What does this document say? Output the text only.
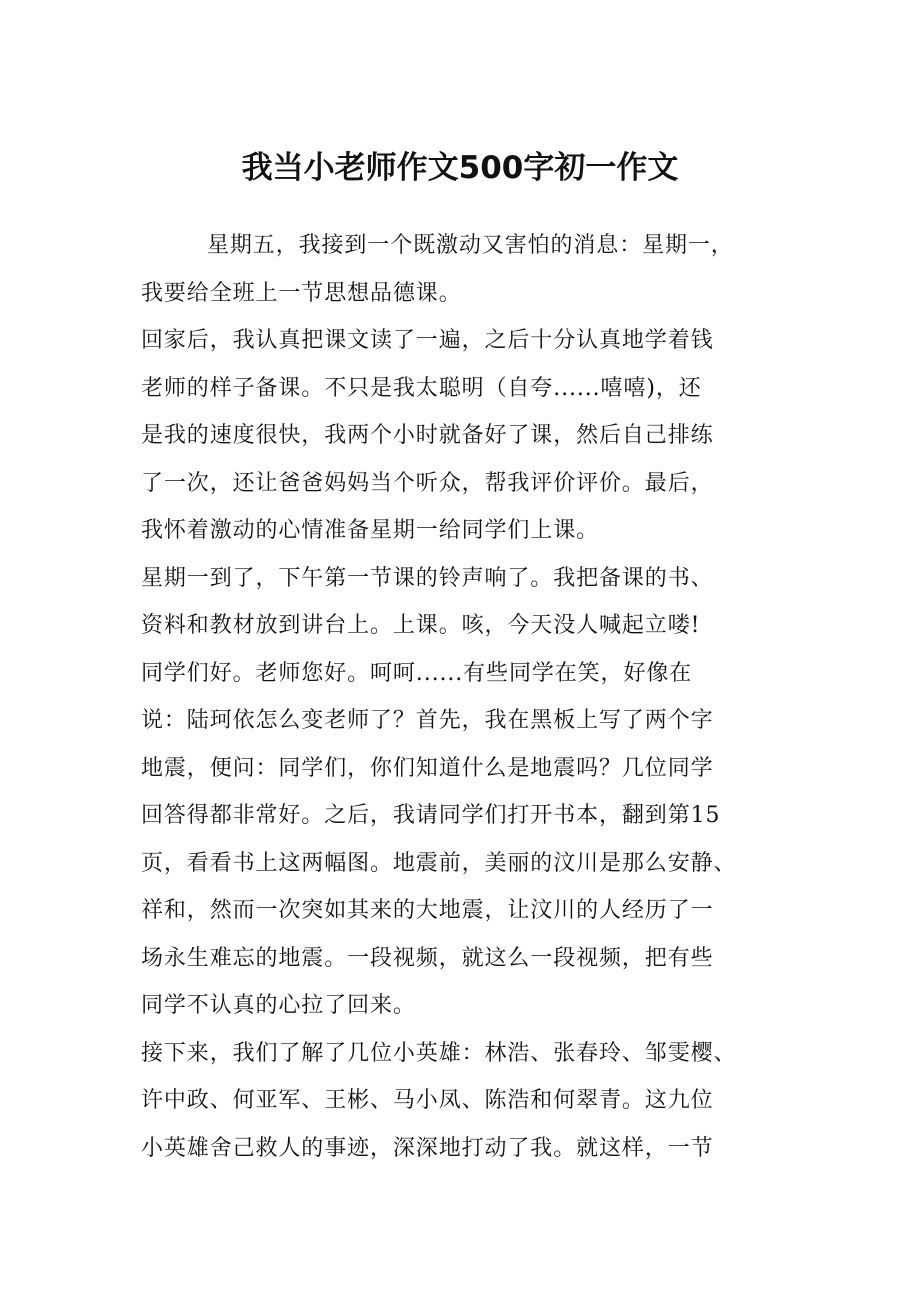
我当小老师作文500字初一作文
星期五，我接到一个既激动又害怕的消息：星期一，
我要给全班上一节思想品德课。
回家后，我认真把课文读了一遍，之后十分认真地学着钱
老师的样子备课。不只是我太聪明（自夸......嘻嘻)，还
是我的速度很快，我两个小时就备好了课，然后自己排练
了一次，还让爸爸妈妈当个听众，帮我评价评价。最后，
我怀着激动的心情准备星期一给同学们上课。
星期一到了，下午第一节课的铃声响了。我把备课的书、
资料和教材放到讲台上。上课。咳，今天没人喊起立喽!
同学们好。老师您好。呵呵......有些同学在笑，好像在
说：陆珂依怎么变老师了？首先，我在黑板上写了两个字
地震，便问：同学们，你们知道什么是地震吗？几位同学
回答得都非常好。之后，我请同学们打开书本，翻到第15
页，看看书上这两幅图。地震前，美丽的汶川是那么安静、
祥和，然而一次突如其来的大地震，让汶川的人经历了一
场永生难忘的地震。一段视频，就这么一段视频，把有些
同学不认真的心拉了回来。
接下来，我们了解了几位小英雄：林浩、张春玲、邹雯樱、
许中政、何亚军、王彬、马小凤、陈浩和何翠青。这九位
小英雄舍己救人的事迹，深深地打动了我。就这样，一节
